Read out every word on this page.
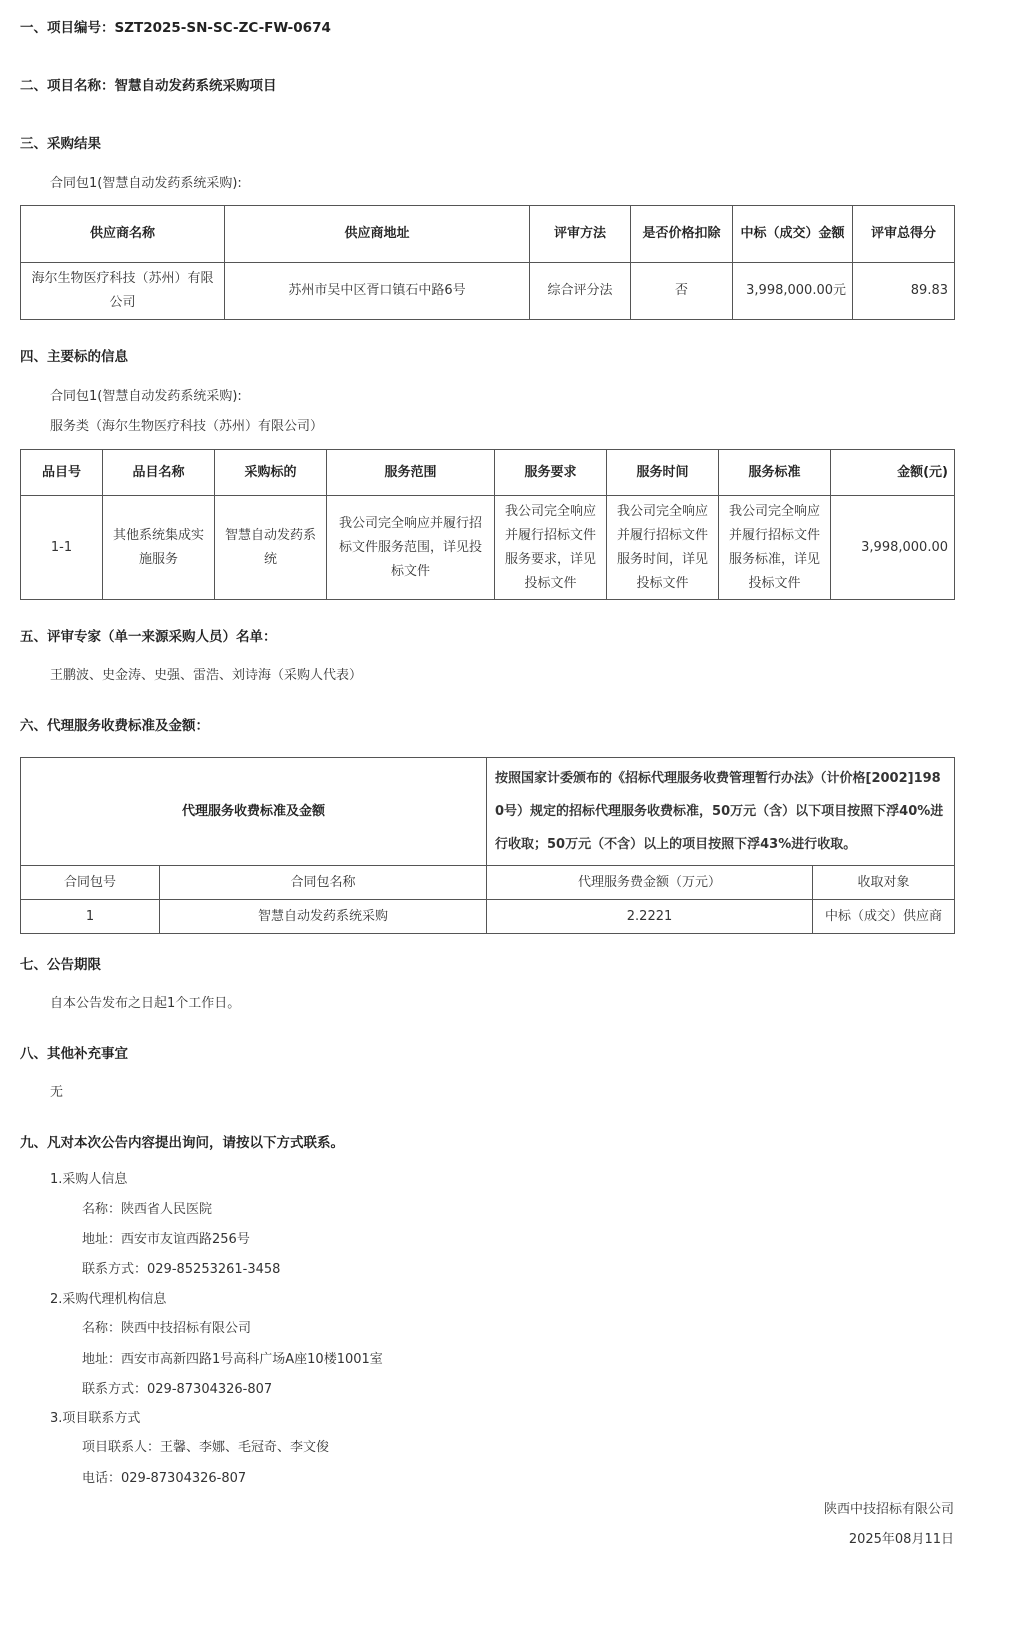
一、项目编号：SZT2025-SN-SC-ZC-FW-0674
二、项目名称：智慧自动发药系统采购项目
三、采购结果
合同包1(智慧自动发药系统采购):
供应商名称	供应商地址	评审方法	是否价格扣除	中标（成交）金额	评审总得分
海尔生物医疗科技（苏州）有限公司	苏州市吴中区胥口镇石中路6号	综合评分法	否	3,998,000.00元	89.83
四、主要标的信息
合同包1(智慧自动发药系统采购):
服务类（海尔生物医疗科技（苏州）有限公司）
品目号	品目名称	采购标的	服务范围	服务要求	服务时间	服务标准	金额(元)
1-1	其他系统集成实施服务	智慧自动发药系统	我公司完全响应并履行招标文件服务范围，详见投标文件	我公司完全响应并履行招标文件服务要求，详见投标文件	我公司完全响应并履行招标文件服务时间，详见投标文件	我公司完全响应并履行招标文件服务标准，详见投标文件	3,998,000.00
五、评审专家（单一来源采购人员）名单：
王鹏波、史金涛、史强、雷浩、刘诗海（采购人代表）
六、代理服务收费标准及金额：
代理服务收费标准及金额		按照国家计委颁布的《招标代理服务收费管理暂行办法》（计价格[2002]1980号）规定的招标代理服务收费标准，50万元（含）以下项目按照下浮40%进行收取；50万元（不含）以上的项目按照下浮43%进行收取。	
合同包号	合同包名称	代理服务费金额（万元）	收取对象
1	智慧自动发药系统采购	2.2221	中标（成交）供应商
七、公告期限
自本公告发布之日起1个工作日。
八、其他补充事宜
无
九、凡对本次公告内容提出询问，请按以下方式联系。
1.采购人信息
名称：陕西省人民医院
地址：西安市友谊西路256号
联系方式：029-85253261-3458
2.采购代理机构信息
名称：陕西中技招标有限公司
地址：西安市高新四路1号高科广场A座10楼1001室
联系方式：029-87304326-807
3.项目联系方式
项目联系人：王馨、李娜、毛冠奇、李文俊
电话：029-87304326-807
陕西中技招标有限公司
2025年08月11日
